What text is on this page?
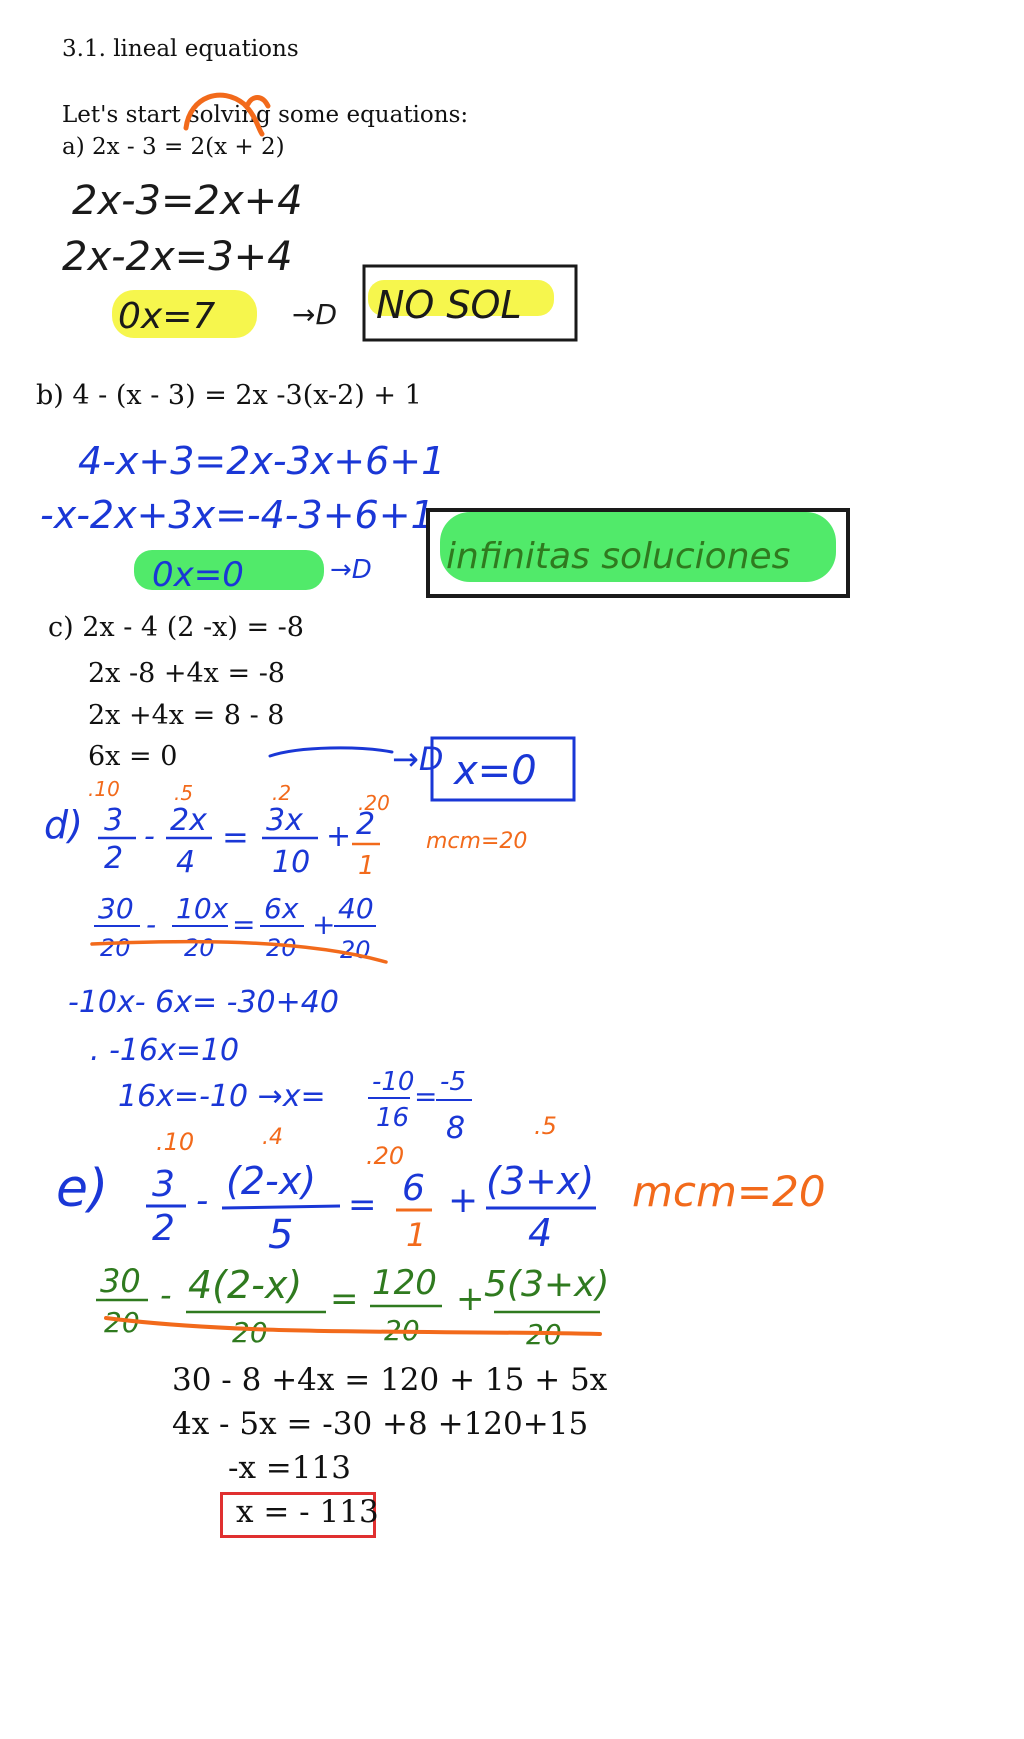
3.1. lineal equations
Let's start solving some equations:
a) 2x - 3 = 2(x + 2)
b) 4 - (x - 3) = 2x -3(x-2) + 1
c) 2x - 4 (2 -x) = -8
2x -8 +4x = -8
2x +4x = 8 - 8
6x = 0
30 - 8 +4x = 120 + 15 + 5x
4x - 5x = -30 +8 +120+15
-x =113
x = - 113
2x-3=2x+4
2x-2x=3+4
0x=7	→D NO SOL
4-x+3=2x-3x+6+1
-x-2x+3x=-4-3+6+1
0x=0	→D infinitas soluciones
→D x=0
d)
.10	.5	.2	.20
3
2
- 2x
4
= 3x
10
+ 2
1
mcm=20
30
20
- 10x
20
= 6x
20
+ 40
20
-10x- 6x= -30+40
. -16x=10
16x=-10 →x= -10
16
= -5
8
e)
.10	.4
.20
.5
3
2
- (2-x)
5
= 6
1
+ (3+x)
4
mcm=20
30
20
- 4(2-x)
20
= 120
20
+ 5(3+x)
20
